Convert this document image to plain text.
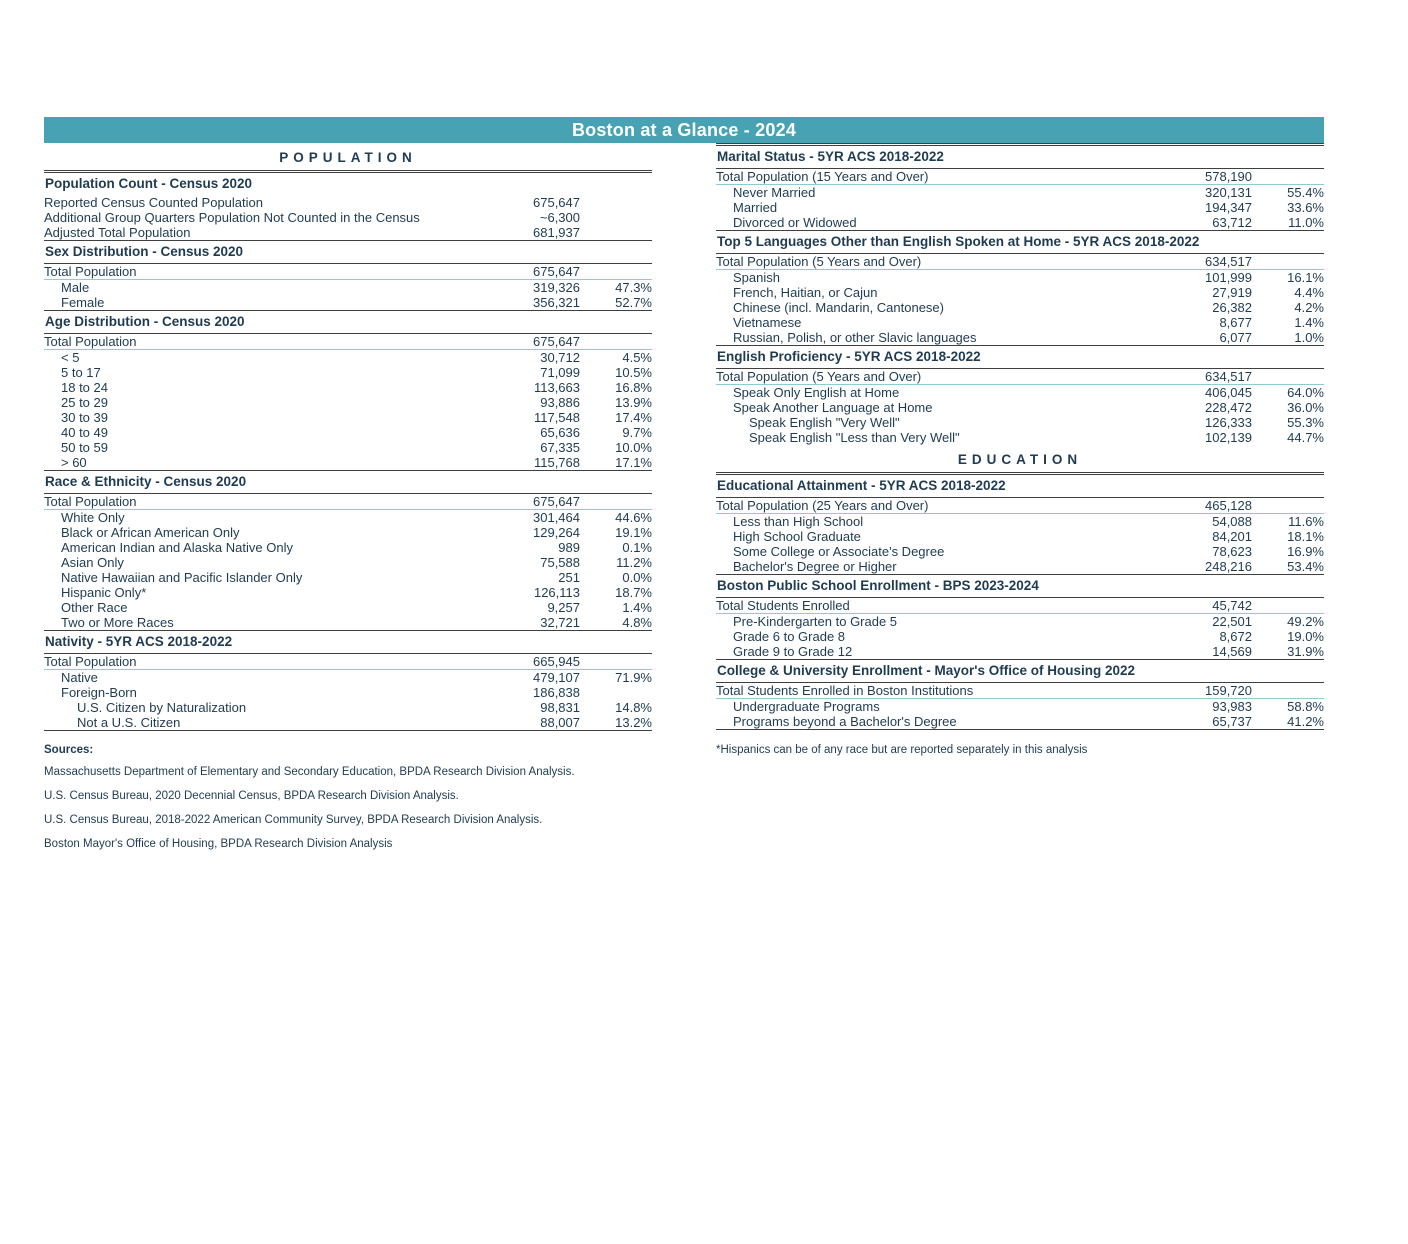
Boston at a Glance - 2024
POPULATION
Population Count - Census 2020
Reported Census Counted Population	675,647	
Additional Group Quarters Population Not Counted in the Census	~6,300	
Adjusted Total Population	681,937	
Sex Distribution - Census 2020
Total Population	675,647	
Male	319,326	47.3%
Female	356,321	52.7%
Age Distribution - Census 2020
Total Population	675,647	
< 5	30,712	4.5%
5 to 17	71,099	10.5%
18 to 24	113,663	16.8%
25 to 29	93,886	13.9%
30 to 39	117,548	17.4%
40 to 49	65,636	9.7%
50 to 59	67,335	10.0%
> 60	115,768	17.1%
Race & Ethnicity - Census 2020
Total Population	675,647	
White Only	301,464	44.6%
Black or African American Only	129,264	19.1%
American Indian and Alaska Native Only	989	0.1%
Asian Only	75,588	11.2%
Native Hawaiian and Pacific Islander Only	251	0.0%
Hispanic Only*	126,113	18.7%
Other Race	9,257	1.4%
Two or More Races	32,721	4.8%
Nativity - 5YR ACS 2018-2022
Total Population	665,945	
Native	479,107	71.9%
Foreign-Born	186,838	
U.S. Citizen by Naturalization	98,831	14.8%
Not a U.S. Citizen	88,007	13.2%
Sources:
Massachusetts Department of Elementary and Secondary Education, BPDA Research Division Analysis.
U.S. Census Bureau, 2020 Decennial Census, BPDA Research Division Analysis.
U.S. Census Bureau, 2018-2022 American Community Survey, BPDA Research Division Analysis.
Boston Mayor's Office of Housing, BPDA Research Division Analysis
Marital Status - 5YR ACS 2018-2022
Total Population (15 Years and Over)	578,190	
Never Married	320,131	55.4%
Married	194,347	33.6%
Divorced or Widowed	63,712	11.0%
Top 5 Languages Other than English Spoken at Home - 5YR ACS 2018-2022
Total Population (5 Years and Over)	634,517	
Spanish	101,999	16.1%
French, Haitian, or Cajun	27,919	4.4%
Chinese (incl. Mandarin, Cantonese)	26,382	4.2%
Vietnamese	8,677	1.4%
Russian, Polish, or other Slavic languages	6,077	1.0%
English Proficiency - 5YR ACS 2018-2022
Total Population (5 Years and Over)	634,517	
Speak Only English at Home	406,045	64.0%
Speak Another Language at Home	228,472	36.0%
Speak English "Very Well"	126,333	55.3%
Speak English "Less than Very Well"	102,139	44.7%
EDUCATION
Educational Attainment - 5YR ACS 2018-2022
Total Population (25 Years and Over)	465,128	
Less than High School	54,088	11.6%
High School Graduate	84,201	18.1%
Some College or Associate's Degree	78,623	16.9%
Bachelor's Degree or Higher	248,216	53.4%
Boston Public School Enrollment - BPS 2023-2024
Total Students Enrolled	45,742	
Pre-Kindergarten to Grade 5	22,501	49.2%
Grade 6 to Grade 8	8,672	19.0%
Grade 9 to Grade 12	14,569	31.9%
College & University Enrollment - Mayor's Office of Housing 2022
Total Students Enrolled in Boston Institutions	159,720	
Undergraduate Programs	93,983	58.8%
Programs beyond a Bachelor's Degree	65,737	41.2%
*Hispanics can be of any race but are reported separately in this analysis
